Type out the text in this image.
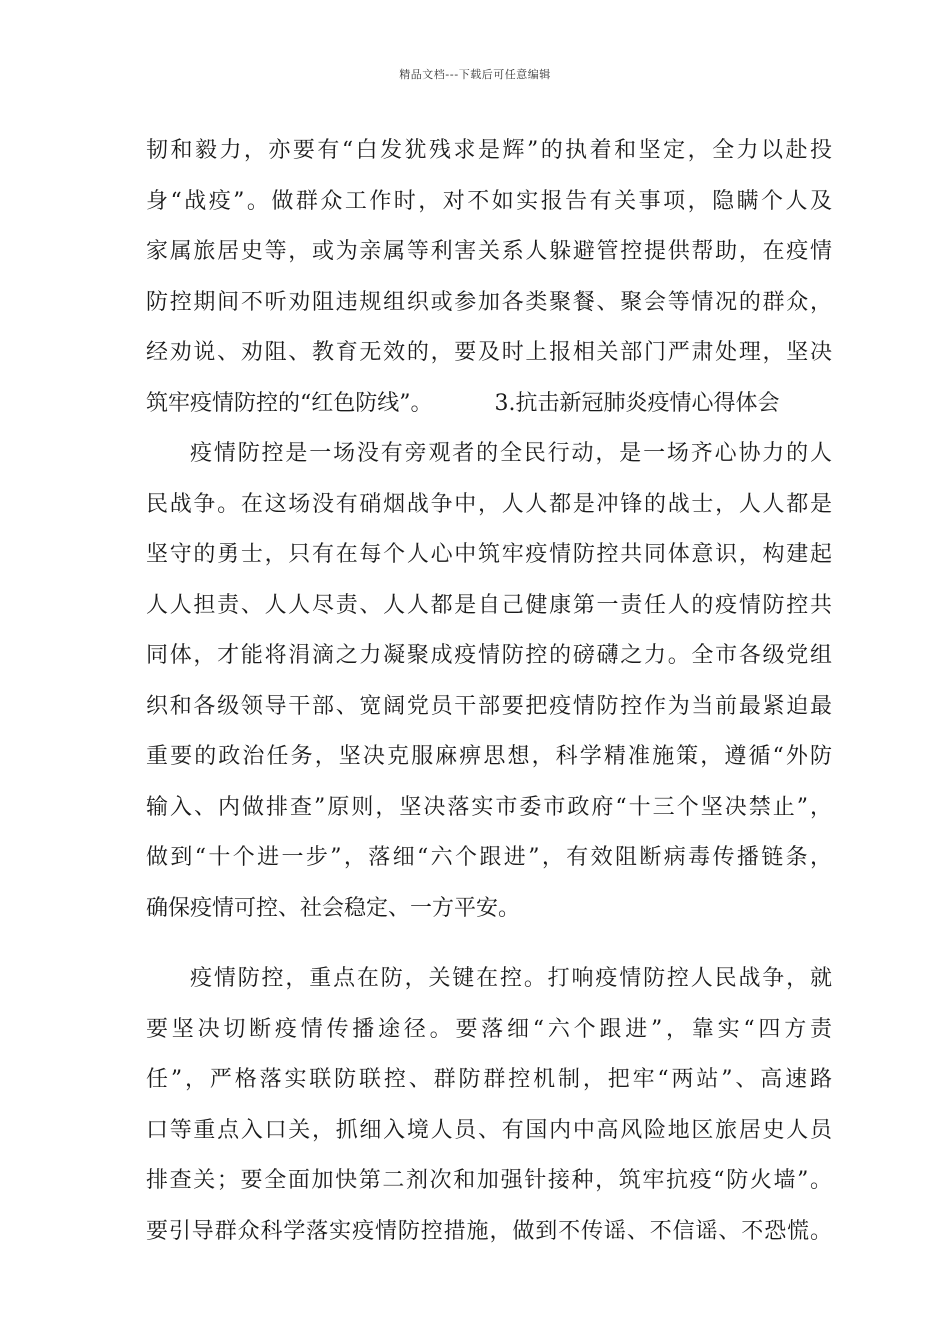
精品文档---下载后可任意编辑
韧和毅力，亦要有“白发犹残求是辉”的执着和坚定，全力以赴投
身“战疫”。做群众工作时，对不如实报告有关事项，隐瞒个人及
家属旅居史等，或为亲属等利害关系人躲避管控提供帮助，在疫情
防控期间不听劝阻违规组织或参加各类聚餐、聚会等情况的群众，
经劝说、劝阻、教育无效的，要及时上报相关部门严肃处理，坚决
筑牢疫情防控的“红色防线”。	3.抗击新冠肺炎疫情心得体会
疫情防控是一场没有旁观者的全民行动，是一场齐心协力的人
民战争。在这场没有硝烟战争中，人人都是冲锋的战士，人人都是
坚守的勇士，只有在每个人心中筑牢疫情防控共同体意识，构建起
人人担责、人人尽责、人人都是自己健康第一责任人的疫情防控共
同体，才能将涓滴之力凝聚成疫情防控的磅礴之力。全市各级党组
织和各级领导干部、宽阔党员干部要把疫情防控作为当前最紧迫最
重要的政治任务，坚决克服麻痹思想，科学精准施策，遵循“外防
输入、内做排查”原则，坚决落实市委市政府“十三个坚决禁止”，
做到“十个进一步”，落细“六个跟进”，有效阻断病毒传播链条，
确保疫情可控、社会稳定、一方平安。
疫情防控，重点在防，关键在控。打响疫情防控人民战争，就
要坚决切断疫情传播途径。要落细“六个跟进”，靠实“四方责
任”，严格落实联防联控、群防群控机制，把牢“两站”、高速路
口等重点入口关，抓细入境人员、有国内中高风险地区旅居史人员
排查关；要全面加快第二剂次和加强针接种，筑牢抗疫“防火墙”。
要引导群众科学落实疫情防控措施，做到不传谣、不信谣、不恐慌。
